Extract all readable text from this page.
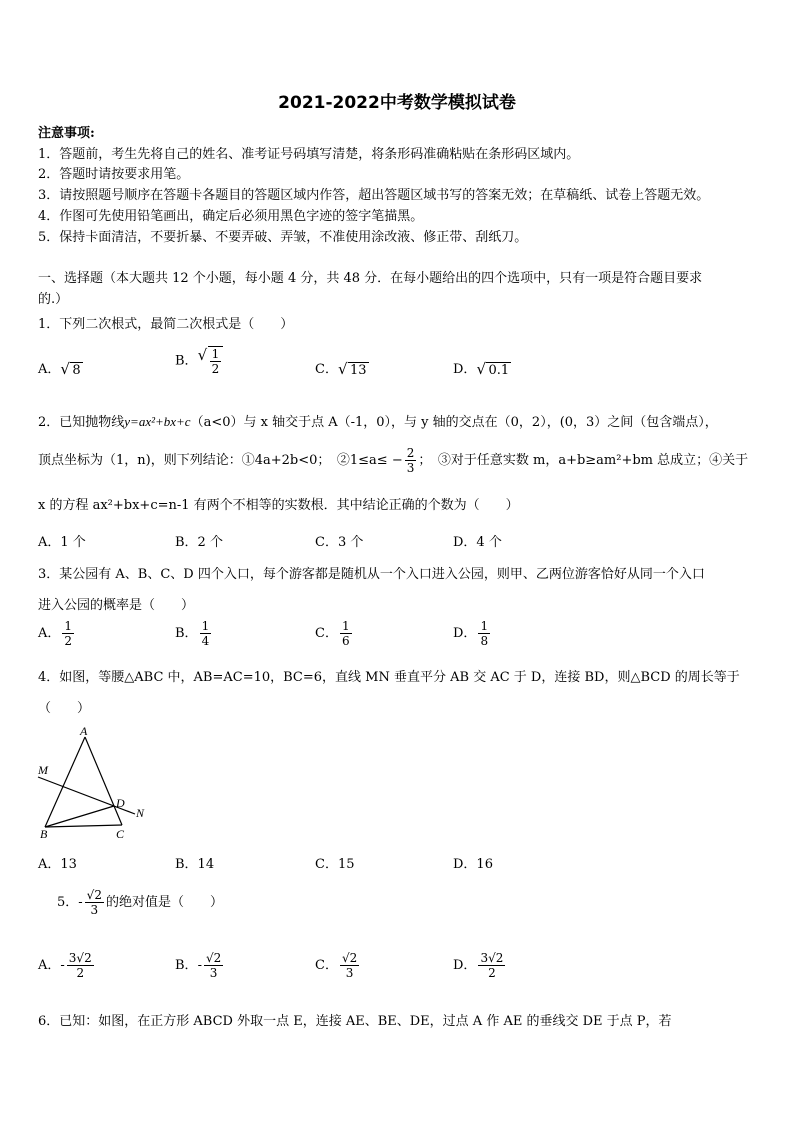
2021-2022中考数学模拟试卷
注意事项:
1．答题前，考生先将自己的姓名、准考证号码填写清楚，将条形码准确粘贴在条形码区域内。
2．答题时请按要求用笔。
3．请按照题号顺序在答题卡各题目的答题区域内作答，超出答题区域书写的答案无效；在草稿纸、试卷上答题无效。
4．作图可先使用铅笔画出，确定后必须用黑色字迹的签字笔描黑。
5．保持卡面清洁，不要折暴、不要弄破、弄皱，不准使用涂改液、修正带、刮纸刀。
一、选择题（本大题共 12 个小题，每小题 4 分，共 48 分．在每小题给出的四个选项中，只有一项是符合题目要求
的.）
1．下列二次根式，最简二次根式是（　　）
A． √ 8
B． √ $\frac{1}{2}$	C． √ 13	D． √ 0.1
2．已知抛物线y=ax²+bx+c（a<0）与 x 轴交于点 A（-1，0），与 y 轴的交点在（0，2），(0，3）之间（包含端点），
顶点坐标为（1，n)，则下列结论：①4a+2b<0；　②1≤a≤ − $\frac{2}{3}$ ；　③对于任意实数 m，a+b≥am²+bm 总成立；④关于
x 的方程 ax²+bx+c=n-1 有两个不相等的实数根．其中结论正确的个数为（　　）
A．1 个	B．2 个	C．3 个	D．4 个
3．某公园有 A、B、C、D 四个入口，每个游客都是随机从一个入口进入公园，则甲、乙两位游客恰好从同一个入口
进入公园的概率是（　　）
A． $\frac{1}{2}$	B． $\frac{1}{4}$	C． $\frac{1}{6}$	D． $\frac{1}{8}$
4．如图，等腰△ABC 中，AB=AC=10，BC=6，直线 MN 垂直平分 AB 交 AC 于 D，连接 BD，则△BCD 的周长等于
（　　）
A
M
D
N
B	C
A．13	B．14	C．15	D．16
5．- $\frac{√2}{3}$ 的绝对值是（　　）
A．- $\frac{3√2}{2}$	B．- $\frac{√2}{3}$	C． $\frac{√2}{3}$	D． $\frac{3√2}{2}$
6．已知：如图，在正方形 ABCD 外取一点 E，连接 AE、BE、DE，过点 A 作 AE 的垂线交 DE 于点 P，若
